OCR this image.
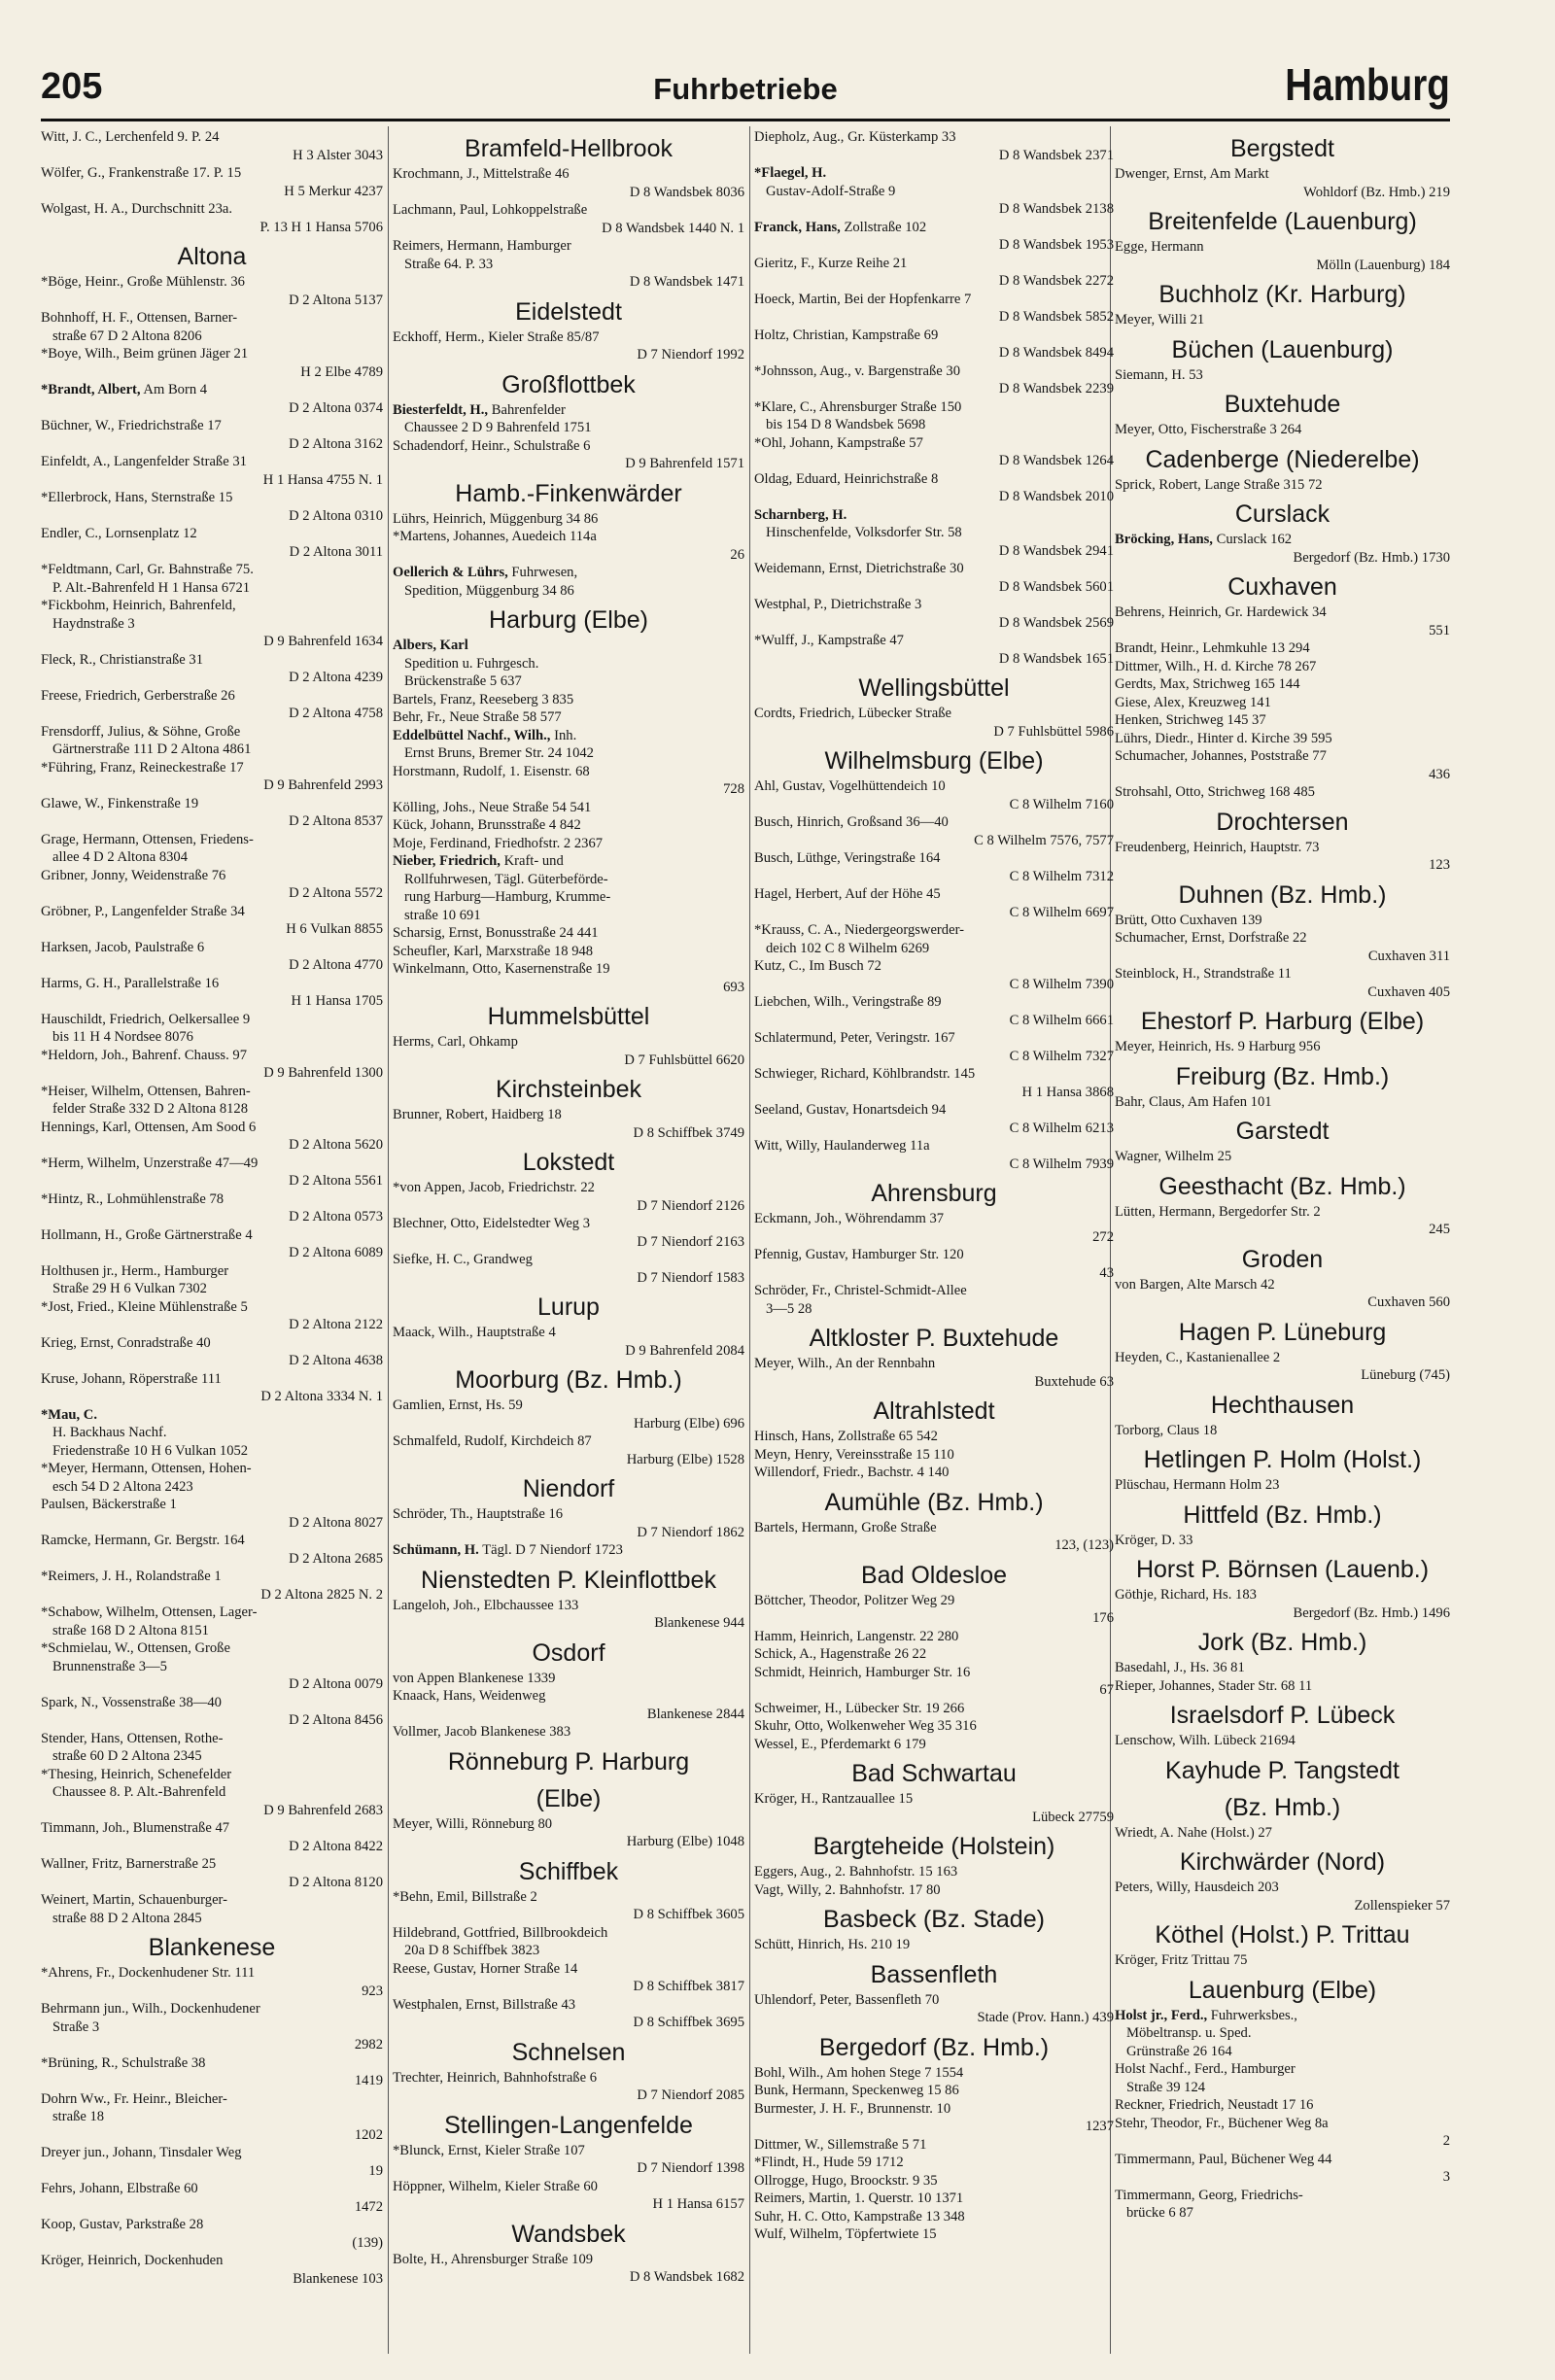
205	Fuhrbetriebe	Hamburg

Witt, J. C., Lerchenfeld 9. P. 24

H 3 Alster 3043

Wölfer, G., Frankenstraße 17. P. 15

H 5 Merkur 4237

Wolgast, H. A., Durchschnitt 23a.

P. 13 H 1 Hansa 5706

Altona

*Böge, Heinr., Große Mühlenstr. 36

D 2 Altona 5137

Bohnhoff, H. F., Ottensen, Barner-

straße 67 D 2 Altona 8206

*Boye, Wilh., Beim grünen Jäger 21

H 2 Elbe 4789

*Brandt, Albert, Am Born 4

D 2 Altona 0374

Büchner, W., Friedrichstraße 17

D 2 Altona 3162

Einfeldt, A., Langenfelder Straße 31

H 1 Hansa 4755 N. 1

*Ellerbrock, Hans, Sternstraße 15

D 2 Altona 0310

Endler, C., Lornsenplatz 12

D 2 Altona 3011

*Feldtmann, Carl, Gr. Bahnstraße 75.

P. Alt.-Bahrenfeld H 1 Hansa 6721

*Fickbohm, Heinrich, Bahrenfeld,

Haydnstraße 3

D 9 Bahrenfeld 1634

Fleck, R., Christianstraße 31

D 2 Altona 4239

Freese, Friedrich, Gerberstraße 26

D 2 Altona 4758

Frensdorff, Julius, & Söhne, Große

Gärtnerstraße 111 D 2 Altona 4861

*Führing, Franz, Reineckestraße 17

D 9 Bahrenfeld 2993

Glawe, W., Finkenstraße 19

D 2 Altona 8537

Grage, Hermann, Ottensen, Friedens-

allee 4 D 2 Altona 8304

Gribner, Jonny, Weidenstraße 76

D 2 Altona 5572

Gröbner, P., Langenfelder Straße 34

H 6 Vulkan 8855

Harksen, Jacob, Paulstraße 6

D 2 Altona 4770

Harms, G. H., Parallelstraße 16

H 1 Hansa 1705

Hauschildt, Friedrich, Oelkersallee 9

bis 11 H 4 Nordsee 8076

*Heldorn, Joh., Bahrenf. Chauss. 97

D 9 Bahrenfeld 1300

*Heiser, Wilhelm, Ottensen, Bahren-

felder Straße 332 D 2 Altona 8128

Hennings, Karl, Ottensen, Am Sood 6

D 2 Altona 5620

*Herm, Wilhelm, Unzerstraße 47—49

D 2 Altona 5561

*Hintz, R., Lohmühlenstraße 78

D 2 Altona 0573

Hollmann, H., Große Gärtnerstraße 4

D 2 Altona 6089

Holthusen jr., Herm., Hamburger

Straße 29 H 6 Vulkan 7302

*Jost, Fried., Kleine Mühlenstraße 5

D 2 Altona 2122

Krieg, Ernst, Conradstraße 40

D 2 Altona 4638

Kruse, Johann, Röperstraße 111

D 2 Altona 3334 N. 1

*Mau, C.

H. Backhaus Nachf.

Friedenstraße 10 H 6 Vulkan 1052

*Meyer, Hermann, Ottensen, Hohen-

esch 54 D 2 Altona 2423

Paulsen, Bäckerstraße 1

D 2 Altona 8027

Ramcke, Hermann, Gr. Bergstr. 164

D 2 Altona 2685

*Reimers, J. H., Rolandstraße 1

D 2 Altona 2825 N. 2

*Schabow, Wilhelm, Ottensen, Lager-

straße 168 D 2 Altona 8151

*Schmielau, W., Ottensen, Große

Brunnenstraße 3—5

D 2 Altona 0079

Spark, N., Vossenstraße 38—40

D 2 Altona 8456

Stender, Hans, Ottensen, Rothe-

straße 60 D 2 Altona 2345

*Thesing, Heinrich, Schenefelder

Chaussee 8. P. Alt.-Bahrenfeld

D 9 Bahrenfeld 2683

Timmann, Joh., Blumenstraße 47

D 2 Altona 8422

Wallner, Fritz, Barnerstraße 25

D 2 Altona 8120

Weinert, Martin, Schauenburger-

straße 88 D 2 Altona 2845

Blankenese

*Ahrens, Fr., Dockenhudener Str. 111

923

Behrmann jun., Wilh., Dockenhudener

Straße 3

2982

*Brüning, R., Schulstraße 38

1419

Dohrn Ww., Fr. Heinr., Bleicher-

straße 18

1202

Dreyer jun., Johann, Tinsdaler Weg

19

Fehrs, Johann, Elbstraße 60

1472

Koop, Gustav, Parkstraße 28

(139)

Kröger, Heinrich, Dockenhuden

Blankenese 103

Bramfeld-Hellbrook

Krochmann, J., Mittelstraße 46

D 8 Wandsbek 8036

Lachmann, Paul, Lohkoppelstraße

D 8 Wandsbek 1440 N. 1

Reimers, Hermann, Hamburger

Straße 64. P. 33

D 8 Wandsbek 1471

Eidelstedt

Eckhoff, Herm., Kieler Straße 85/87

D 7 Niendorf 1992

Großflottbek

Biesterfeldt, H., Bahrenfelder

Chaussee 2 D 9 Bahrenfeld 1751

Schadendorf, Heinr., Schulstraße 6

D 9 Bahrenfeld 1571

Hamb.-Finkenwärder

Lührs, Heinrich, Müggenburg 34 86

*Martens, Johannes, Auedeich 114a

26

Oellerich & Lührs, Fuhrwesen,

Spedition, Müggenburg 34 86

Harburg (Elbe)

Albers, Karl

Spedition u. Fuhrgesch.

Brückenstraße 5 637

Bartels, Franz, Reeseberg 3 835

Behr, Fr., Neue Straße 58 577

Eddelbüttel Nachf., Wilh., Inh.

Ernst Bruns, Bremer Str. 24 1042

Horstmann, Rudolf, 1. Eisenstr. 68

728

Kölling, Johs., Neue Straße 54 541

Kück, Johann, Brunsstraße 4 842

Moje, Ferdinand, Friedhofstr. 2 2367

Nieber, Friedrich, Kraft- und

Rollfuhrwesen, Tägl. Güterbeförde-

rung Harburg—Hamburg, Krumme-

straße 10 691

Scharsig, Ernst, Bonusstraße 24 441

Scheufler, Karl, Marxstraße 18 948

Winkelmann, Otto, Kasernenstraße 19

693

Hummelsbüttel

Herms, Carl, Ohkamp

D 7 Fuhlsbüttel 6620

Kirchsteinbek

Brunner, Robert, Haidberg 18

D 8 Schiffbek 3749

Lokstedt

*von Appen, Jacob, Friedrichstr. 22

D 7 Niendorf 2126

Blechner, Otto, Eidelstedter Weg 3

D 7 Niendorf 2163

Siefke, H. C., Grandweg

D 7 Niendorf 1583

Lurup

Maack, Wilh., Hauptstraße 4

D 9 Bahrenfeld 2084

Moorburg (Bz. Hmb.)

Gamlien, Ernst, Hs. 59

Harburg (Elbe) 696

Schmalfeld, Rudolf, Kirchdeich 87

Harburg (Elbe) 1528

Niendorf

Schröder, Th., Hauptstraße 16

D 7 Niendorf 1862

Schümann, H. Tägl. D 7 Niendorf 1723

Nienstedten P. Kleinflottbek

Langeloh, Joh., Elbchaussee 133

Blankenese 944

Osdorf

von Appen Blankenese 1339

Knaack, Hans, Weidenweg

Blankenese 2844

Vollmer, Jacob Blankenese 383

Rönneburg P. Harburg
(Elbe)

Meyer, Willi, Rönneburg 80

Harburg (Elbe) 1048

Schiffbek

*Behn, Emil, Billstraße 2

D 8 Schiffbek 3605

Hildebrand, Gottfried, Billbrookdeich

20a D 8 Schiffbek 3823

Reese, Gustav, Horner Straße 14

D 8 Schiffbek 3817

Westphalen, Ernst, Billstraße 43

D 8 Schiffbek 3695

Schnelsen

Trechter, Heinrich, Bahnhofstraße 6

D 7 Niendorf 2085

Stellingen-Langenfelde

*Blunck, Ernst, Kieler Straße 107

D 7 Niendorf 1398

Höppner, Wilhelm, Kieler Straße 60

H 1 Hansa 6157

Wandsbek

Bolte, H., Ahrensburger Straße 109

D 8 Wandsbek 1682

Diepholz, Aug., Gr. Küsterkamp 33

D 8 Wandsbek 2371

*Flaegel, H.

Gustav-Adolf-Straße 9

D 8 Wandsbek 2138

Franck, Hans, Zollstraße 102

D 8 Wandsbek 1953

Gieritz, F., Kurze Reihe 21

D 8 Wandsbek 2272

Hoeck, Martin, Bei der Hopfenkarre 7

D 8 Wandsbek 5852

Holtz, Christian, Kampstraße 69

D 8 Wandsbek 8494

*Johnsson, Aug., v. Bargenstraße 30

D 8 Wandsbek 2239

*Klare, C., Ahrensburger Straße 150

bis 154 D 8 Wandsbek 5698

*Ohl, Johann, Kampstraße 57

D 8 Wandsbek 1264

Oldag, Eduard, Heinrichstraße 8

D 8 Wandsbek 2010

Scharnberg, H.

Hinschenfelde, Volksdorfer Str. 58

D 8 Wandsbek 2941

Weidemann, Ernst, Dietrichstraße 30

D 8 Wandsbek 5601

Westphal, P., Dietrichstraße 3

D 8 Wandsbek 2569

*Wulff, J., Kampstraße 47

D 8 Wandsbek 1651

Wellingsbüttel

Cordts, Friedrich, Lübecker Straße

D 7 Fuhlsbüttel 5986

Wilhelmsburg (Elbe)

Ahl, Gustav, Vogelhüttendeich 10

C 8 Wilhelm 7160

Busch, Hinrich, Großsand 36—40

C 8 Wilhelm 7576, 7577

Busch, Lüthge, Veringstraße 164

C 8 Wilhelm 7312

Hagel, Herbert, Auf der Höhe 45

C 8 Wilhelm 6697

*Krauss, C. A., Niedergeorgswerder-

deich 102 C 8 Wilhelm 6269

Kutz, C., Im Busch 72

C 8 Wilhelm 7390

Liebchen, Wilh., Veringstraße 89

C 8 Wilhelm 6661

Schlatermund, Peter, Veringstr. 167

C 8 Wilhelm 7327

Schwieger, Richard, Köhlbrandstr. 145

H 1 Hansa 3868

Seeland, Gustav, Honartsdeich 94

C 8 Wilhelm 6213

Witt, Willy, Haulanderweg 11a

C 8 Wilhelm 7939

Ahrensburg

Eckmann, Joh., Wöhrendamm 37

272

Pfennig, Gustav, Hamburger Str. 120

43

Schröder, Fr., Christel-Schmidt-Allee

3—5 28

Altkloster P. Buxtehude

Meyer, Wilh., An der Rennbahn

Buxtehude 63

Altrahlstedt

Hinsch, Hans, Zollstraße 65 542

Meyn, Henry, Vereinsstraße 15 110

Willendorf, Friedr., Bachstr. 4 140

Aumühle (Bz. Hmb.)

Bartels, Hermann, Große Straße

123, (123)

Bad Oldesloe

Böttcher, Theodor, Politzer Weg 29

176

Hamm, Heinrich, Langenstr. 22 280

Schick, A., Hagenstraße 26 22

Schmidt, Heinrich, Hamburger Str. 16

67

Schweimer, H., Lübecker Str. 19 266

Skuhr, Otto, Wolkenweher Weg 35 316

Wessel, E., Pferdemarkt 6 179

Bad Schwartau

Kröger, H., Rantzauallee 15

Lübeck 27759

Bargteheide (Holstein)

Eggers, Aug., 2. Bahnhofstr. 15 163

Vagt, Willy, 2. Bahnhofstr. 17 80

Basbeck (Bz. Stade)

Schütt, Hinrich, Hs. 210 19

Bassenfleth

Uhlendorf, Peter, Bassenfleth 70

Stade (Prov. Hann.) 439

Bergedorf (Bz. Hmb.)

Bohl, Wilh., Am hohen Stege 7 1554

Bunk, Hermann, Speckenweg 15 86

Burmester, J. H. F., Brunnenstr. 10

1237

Dittmer, W., Sillemstraße 5 71

*Flindt, H., Hude 59 1712

Ollrogge, Hugo, Broockstr. 9 35

Reimers, Martin, 1. Querstr. 10 1371

Suhr, H. C. Otto, Kampstraße 13 348

Wulf, Wilhelm, Töpfertwiete 15

Bergstedt

Dwenger, Ernst, Am Markt

Wohldorf (Bz. Hmb.) 219

Breitenfelde (Lauenburg)

Egge, Hermann

Mölln (Lauenburg) 184

Buchholz (Kr. Harburg)

Meyer, Willi 21

Büchen (Lauenburg)

Siemann, H. 53

Buxtehude

Meyer, Otto, Fischerstraße 3 264

Cadenberge (Niederelbe)

Sprick, Robert, Lange Straße 315 72

Curslack

Bröcking, Hans, Curslack 162

Bergedorf (Bz. Hmb.) 1730

Cuxhaven

Behrens, Heinrich, Gr. Hardewick 34

551

Brandt, Heinr., Lehmkuhle 13 294

Dittmer, Wilh., H. d. Kirche 78 267

Gerdts, Max, Strichweg 165 144

Giese, Alex, Kreuzweg 141

Henken, Strichweg 145 37

Lührs, Diedr., Hinter d. Kirche 39 595

Schumacher, Johannes, Poststraße 77

436

Strohsahl, Otto, Strichweg 168 485

Drochtersen

Freudenberg, Heinrich, Hauptstr. 73

123

Duhnen (Bz. Hmb.)

Brütt, Otto Cuxhaven 139

Schumacher, Ernst, Dorfstraße 22

Cuxhaven 311

Steinblock, H., Strandstraße 11

Cuxhaven 405

Ehestorf P. Harburg (Elbe)

Meyer, Heinrich, Hs. 9 Harburg 956

Freiburg (Bz. Hmb.)

Bahr, Claus, Am Hafen 101

Garstedt

Wagner, Wilhelm 25

Geesthacht (Bz. Hmb.)

Lütten, Hermann, Bergedorfer Str. 2

245

Groden

von Bargen, Alte Marsch 42

Cuxhaven 560

Hagen P. Lüneburg

Heyden, C., Kastanienallee 2

Lüneburg (745)

Hechthausen

Torborg, Claus 18

Hetlingen P. Holm (Holst.)

Plüschau, Hermann Holm 23

Hittfeld (Bz. Hmb.)

Kröger, D. 33

Horst P. Börnsen (Lauenb.)

Göthje, Richard, Hs. 183

Bergedorf (Bz. Hmb.) 1496

Jork (Bz. Hmb.)

Basedahl, J., Hs. 36 81

Rieper, Johannes, Stader Str. 68 11

Israelsdorf P. Lübeck

Lenschow, Wilh. Lübeck 21694

Kayhude P. Tangstedt
(Bz. Hmb.)

Wriedt, A. Nahe (Holst.) 27

Kirchwärder (Nord)

Peters, Willy, Hausdeich 203

Zollenspieker 57

Köthel (Holst.) P. Trittau

Kröger, Fritz Trittau 75

Lauenburg (Elbe)

Holst jr., Ferd., Fuhrwerksbes.,

Möbeltransp. u. Sped.

Grünstraße 26 164

Holst Nachf., Ferd., Hamburger

Straße 39 124

Reckner, Friedrich, Neustadt 17 16

Stehr, Theodor, Fr., Büchener Weg 8a

2

Timmermann, Paul, Büchener Weg 44

3

Timmermann, Georg, Friedrichs-

brücke 6 87
